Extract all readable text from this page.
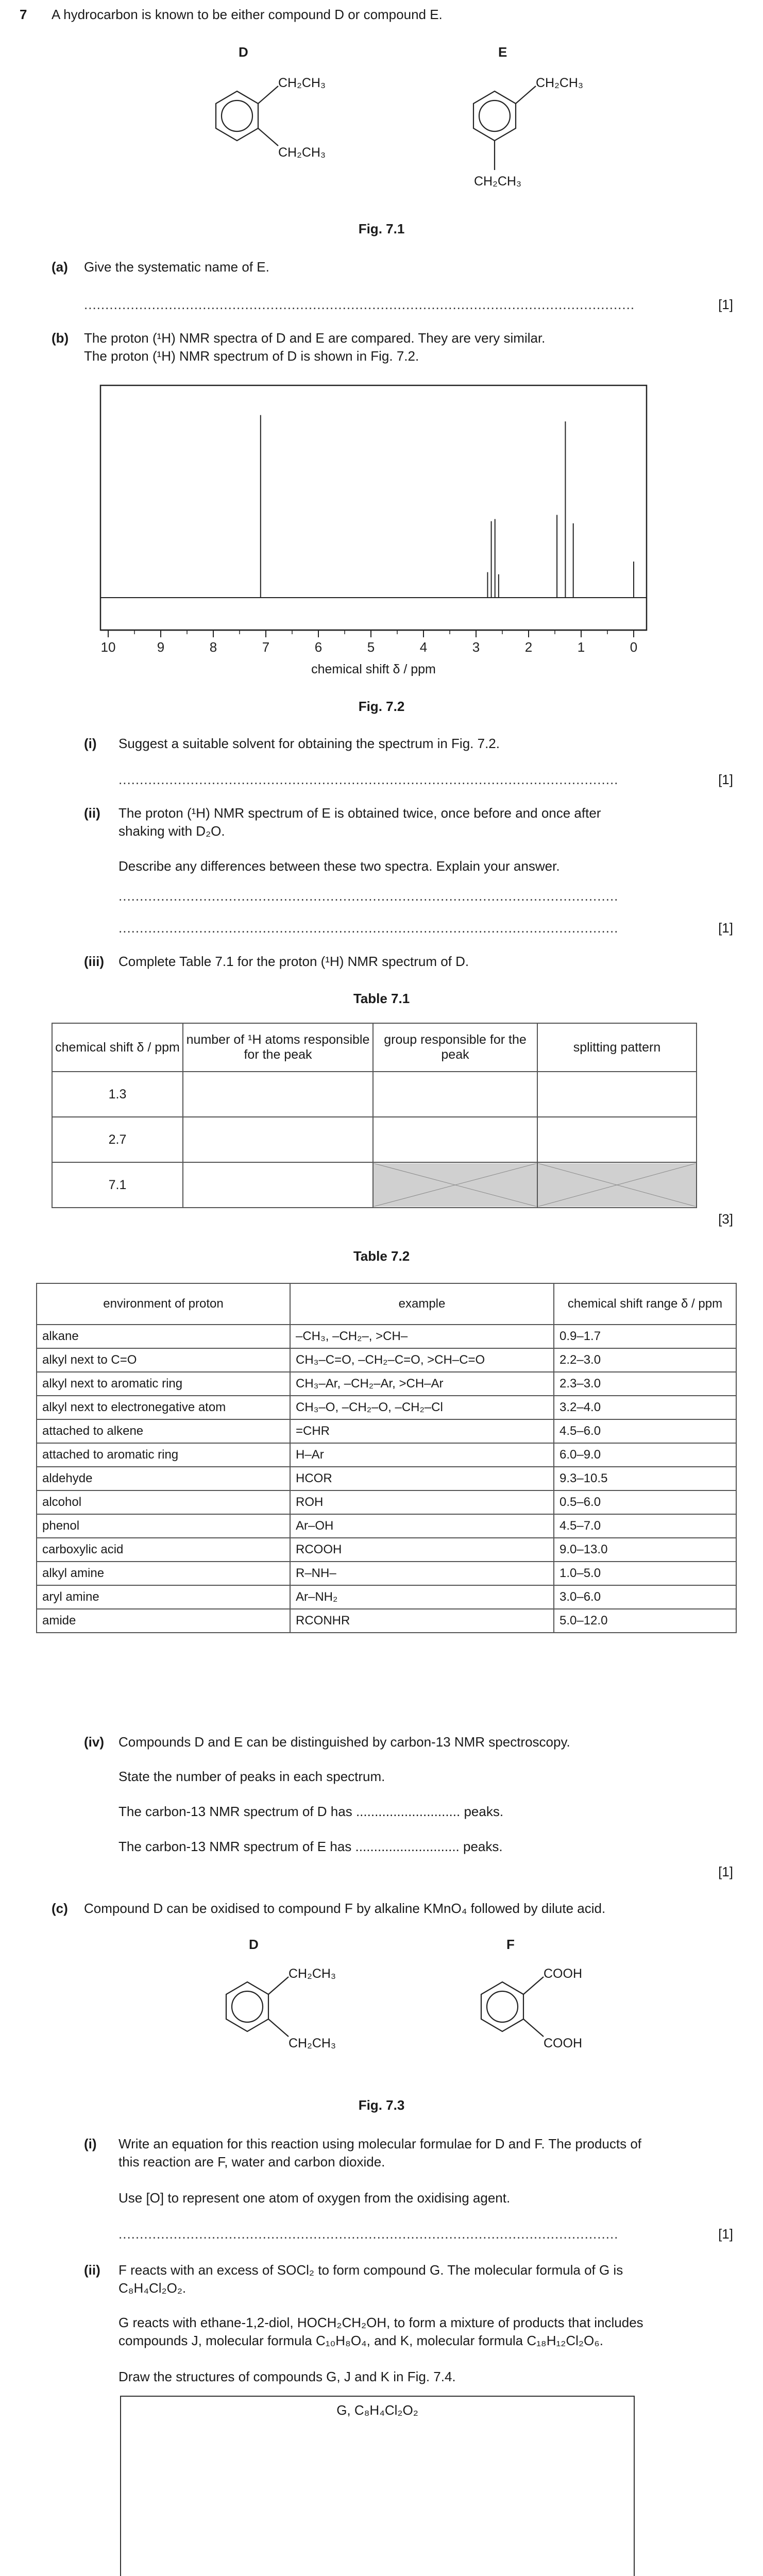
7 A hydrocarbon is known to be either compound D or compound E.
D	E
CH₂CH₃
CH₂CH₃
CH₂CH₃
CH₂CH₃
Fig. 7.1
(a) Give the systematic name of E.
..................................................................................................................................	[1]
(b) The proton (¹H) NMR spectra of D and E are compared. They are very similar.
The proton (¹H) NMR spectrum of D is shown in Fig. 7.2.
10	9	8	7	6	5	4	3	2	1	0
chemical shift δ / ppm
Fig. 7.2
(i) Suggest a suitable solvent for obtaining the spectrum in Fig. 7.2.
......................................................................................................................	[1]
(ii) The proton (¹H) NMR spectrum of E is obtained twice, once before and once after
shaking with D₂O.
Describe any differences between these two spectra. Explain your answer.
......................................................................................................................
......................................................................................................................	[1]
(iii) Complete Table 7.1 for the proton (¹H) NMR spectrum of D.
Table 7.1
chemical shift δ / ppm	number of ¹H atoms responsible for the peak	group responsible for the peak	splitting pattern
1.3			
2.7			
7.1		

[3]
Table 7.2
environment of proton	example	chemical shift range δ / ppm
alkane	–CH₃, –CH₂–, >CH–	0.9–1.7
alkyl next to C=O	CH₃–C=O, –CH₂–C=O, >CH–C=O	2.2–3.0
alkyl next to aromatic ring	CH₃–Ar, –CH₂–Ar, >CH–Ar	2.3–3.0
alkyl next to electronegative atom	CH₃–O, –CH₂–O, –CH₂–Cl	3.2–4.0
attached to alkene	=CHR	4.5–6.0
attached to aromatic ring	H–Ar	6.0–9.0
aldehyde	HCOR	9.3–10.5
alcohol	ROH	0.5–6.0
phenol	Ar–OH	4.5–7.0
carboxylic acid	RCOOH	9.0–13.0
alkyl amine	R–NH–	1.0–5.0
aryl amine	Ar–NH₂	3.0–6.0
amide	RCONHR	5.0–12.0
(iv) Compounds D and E can be distinguished by carbon-13 NMR spectroscopy.
State the number of peaks in each spectrum.
The carbon-13 NMR spectrum of D has ............................ peaks.
The carbon-13 NMR spectrum of E has ............................ peaks.
[1]
(c) Compound D can be oxidised to compound F by alkaline KMnO₄ followed by dilute acid.
D	F
CH₂CH₃
CH₂CH₃
COOH
COOH
Fig. 7.3
(i) Write an equation for this reaction using molecular formulae for D and F. The products of
this reaction are F, water and carbon dioxide.
Use [O] to represent one atom of oxygen from the oxidising agent.
......................................................................................................................	[1]
(ii) F reacts with an excess of SOCl₂ to form compound G. The molecular formula of G is
C₈H₄Cl₂O₂.
G reacts with ethane-1,2-diol, HOCH₂CH₂OH, to form a mixture of products that includes
compounds J, molecular formula C₁₀H₈O₄, and K, molecular formula C₁₈H₁₂Cl₂O₆.
Draw the structures of compounds G, J and K in Fig. 7.4.
G, C₈H₄Cl₂O₂
